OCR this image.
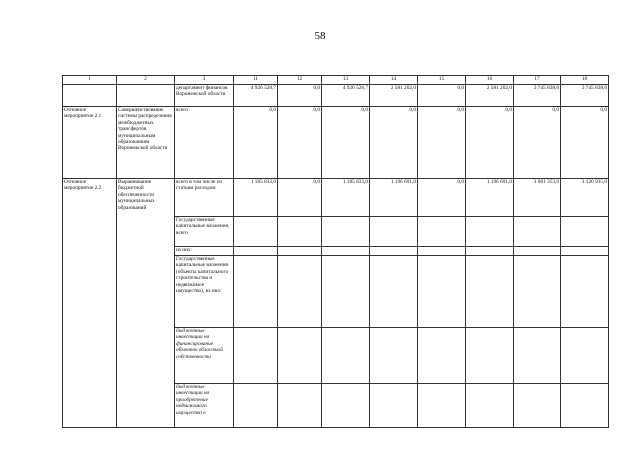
58
1	2	3	11	12	13	14	15	16	17	18
		департамент финансов Воронежской области	4 926 528,7	0,0	4 926 528,7	2 581 202,0	0,0	2 581 202,0	2 745 838,0	2 745 838,0
Основное мероприятие 2.1	Совершенствование системы распределения межбюджетных трансфертов муниципальным образованиям Воронежской области	всего	0,0	0,0	0,0	0,0	0,0	0,0	0,0	0,0
Основное мероприятие 2.2	Выравнивание бюджетной обеспеченности муниципальных образований	всего в том числе по статьям расходов:	1 185 833,0	0,0	1 185 833,0	1 196 691,0	0,0	1 196 691,0	1 061 353,0	1 120 935,0
		Государственные капитальные вложения, всего								
		из них:								
		Государственные капитальные вложения (объекты капитального строительства и недвижимое имущество), из них:								
		бюджетные инвестиции на финансирование объектов областной собственности								
		бюджетные инвестиции на приобретение недвижимого имущества в								
